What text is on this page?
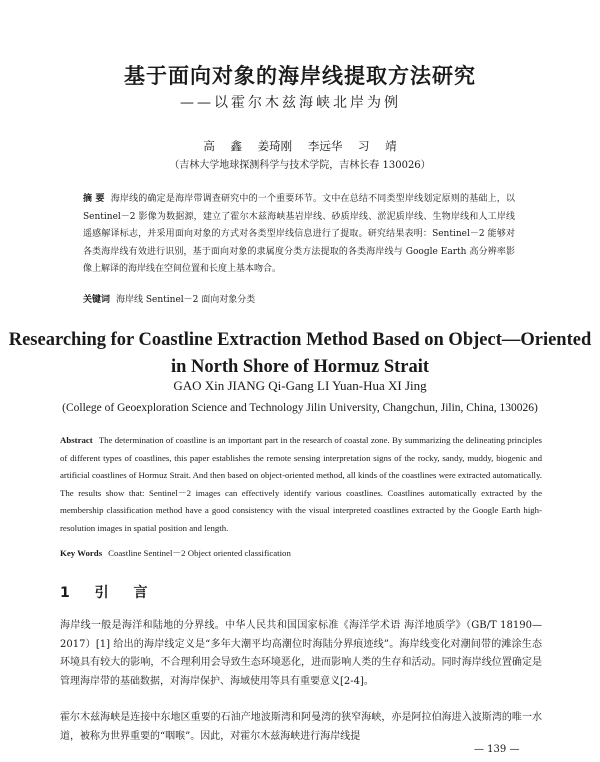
基于面向对象的海岸线提取方法研究
——以霍尔木兹海峡北岸为例
高 鑫 姜琦刚 李远华 习 靖
（吉林大学地球探测科学与技术学院，吉林长春 130026）
摘 要 海岸线的确定是海岸带调查研究中的一个重要环节。文中在总结不同类型岸线划定原则的基础上，以 Sentinel－2 影像为数据源，建立了霍尔木兹海峡基岩岸线、砂质岸线、淤泥质岸线、生物岸线和人工岸线遥感解译标志，并采用面向对象的方式对各类型岸线信息进行了提取。研究结果表明：Sentinel－2 能够对各类海岸线有效进行识别，基于面向对象的隶属度分类方法提取的各类海岸线与 Google Earth 高分辨率影像上解译的海岸线在空间位置和长度上基本吻合。
关键词 海岸线 Sentinel－2 面向对象分类
Researching for Coastline Extraction Method Based on Object—Oriented in North Shore of Hormuz Strait
GAO Xin JIANG Qi-Gang LI Yuan-Hua XI Jing
(College of Geoexploration Science and Technology Jilin University, Changchun, Jilin, China, 130026)
Abstract The determination of coastline is an important part in the research of coastal zone. By summarizing the delineating principles of different types of coastlines, this paper establishes the remote sensing interpretation signs of the rocky, sandy, muddy, biogenic and artificial coastlines of Hormuz Strait. And then based on object-oriented method, all kinds of the coastlines were extracted automatically. The results show that: Sentinel－2 images can effectively identify various coastlines. Coastlines automatically extracted by the membership classification method have a good consistency with the visual interpreted coastlines extracted by the Google Earth high-resolution images in spatial position and length.
Key Words Coastline Sentinel－2 Object oriented classification
1 引 言
海岸线一般是海洋和陆地的分界线。中华人民共和国国家标准《海洋学术语 海洋地质学》（GB/T 18190—2017）[1] 给出的海岸线定义是“多年大潮平均高潮位时海陆分界痕迹线”。海岸线变化对潮间带的滩涂生态环境具有较大的影响，不合理利用会导致生态环境恶化，进而影响人类的生存和活动。同时海岸线位置确定是管理海岸带的基础数据，对海岸保护、海域使用等具有重要意义[2-4]。
霍尔木兹海峡是连接中东地区重要的石油产地波斯湾和阿曼湾的狭窄海峡，亦是阿拉伯海进入波斯湾的唯一水道，被称为世界重要的“咽喉”。因此，对霍尔木兹海峡进行海岸线提
— 139 —
